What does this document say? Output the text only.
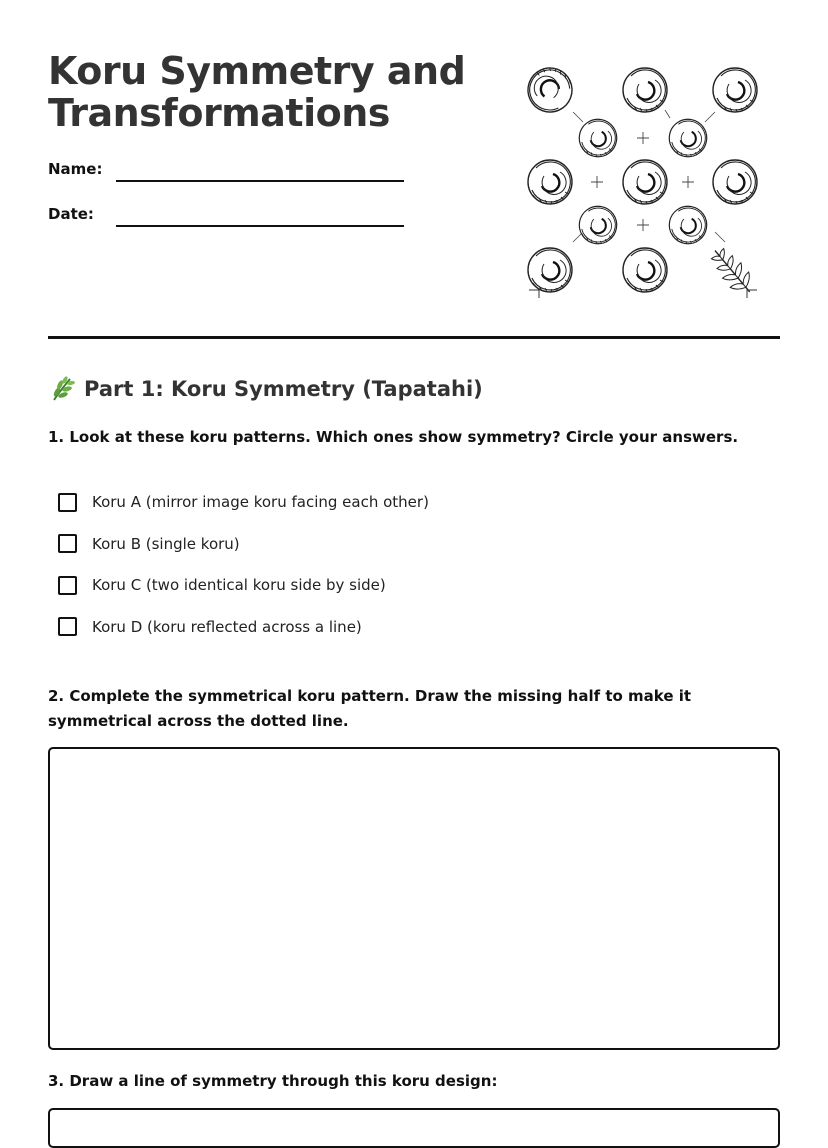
Koru Symmetry and Transformations
Name:
Date:
Part 1: Koru Symmetry (Tapatahi)
1. Look at these koru patterns. Which ones show symmetry? Circle your answers.
Koru A (mirror image koru facing each other)
Koru B (single koru)
Koru C (two identical koru side by side)
Koru D (koru reflected across a line)
2. Complete the symmetrical koru pattern. Draw the missing half to make it symmetrical across the dotted line.
3. Draw a line of symmetry through this koru design:
